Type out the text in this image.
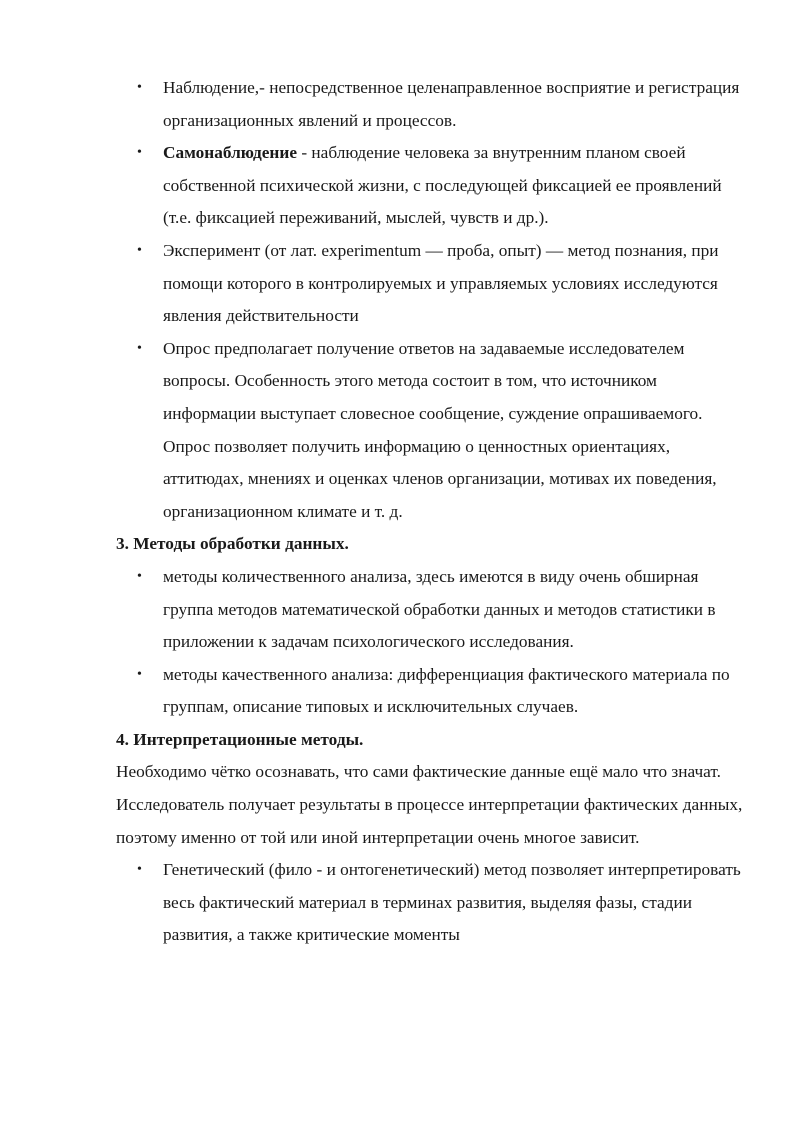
• Наблюдение,- непосредственное целенаправленное восприятие и регистрация организационных явлений и процессов.
• Самонаблюдение - наблюдение человека за внутренним планом своей собственной психической жизни, с последующей фиксацией ее проявлений (т.е. фиксацией переживаний, мыслей, чувств и др.).
• Эксперимент (от лат. experimentum — проба, опыт) — метод познания, при помощи которого в контролируемых и управляемых условиях исследуются явления действительности
• Опрос предполагает получение ответов на задаваемые исследователем вопросы. Особенность этого метода состоит в том, что источником информации выступает словесное сообщение, суждение опрашиваемого. Опрос позволяет получить информацию о ценностных ориентациях, аттитюдах, мнениях и оценках членов организации, мотивах их поведения, организационном климате и т. д.

3. Методы обработки данных.

• методы количественного анализа, здесь имеются в виду очень обширная группа методов математической обработки данных и методов статистики в приложении к задачам психологического исследования.
• методы качественного анализа: дифференциация фактического материала по группам, описание типовых и исключительных случаев.

4. Интерпретационные методы.

Необходимо чётко осознавать, что сами фактические данные ещё мало что значат. Исследователь получает результаты в процессе интерпретации фактических данных, поэтому именно от той или иной интерпретации очень многое зависит.

• Генетический (фило - и онтогенетический) метод позволяет интерпретировать весь фактический материал в терминах развития, выделяя фазы, стадии развития, а также критические моменты
